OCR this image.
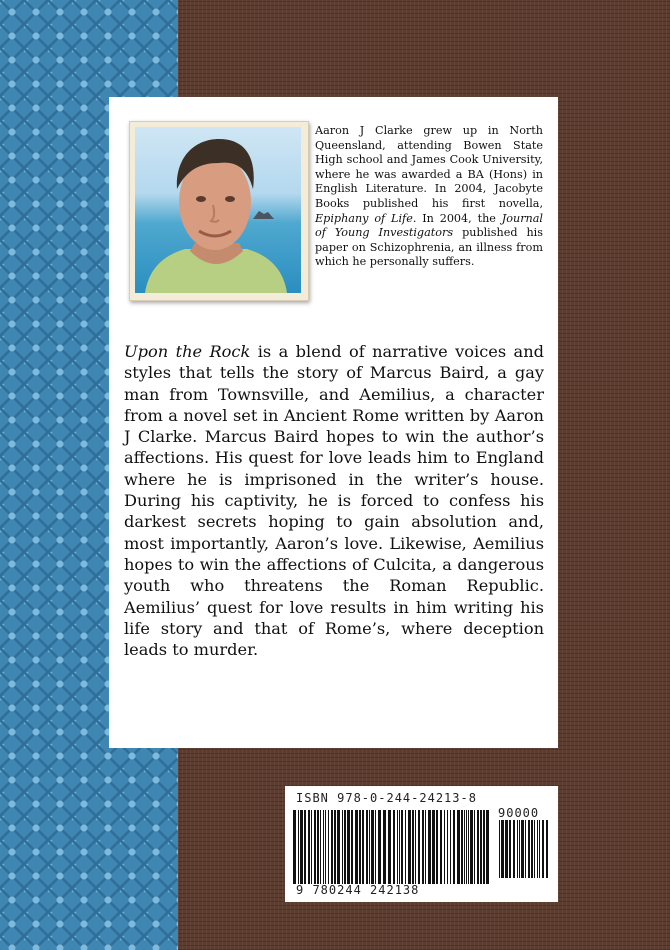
Aaron J Clarke grew up in North Queensland, attending Bowen State High school and James Cook University, where he was awarded a BA (Hons) in English Literature. In 2004, Jacobyte Books published his first novella, Epiphany of Life. In 2004, the Journal of Young Investigators published his paper on Schizophrenia, an illness from which he personally suffers.

Upon the Rock is a blend of narrative voices and styles that tells the story of Marcus Baird, a gay man from Townsville, and Aemilius, a character from a novel set in Ancient Rome written by Aaron J Clarke. Marcus Baird hopes to win the author’s affections. His quest for love leads him to England where he is imprisoned in the writer’s house. During his captivity, he is forced to confess his darkest secrets hoping to gain absolution and, most importantly, Aaron’s love. Likewise, Aemilius hopes to win the affections of Culcita, a dangerous youth who threatens the Roman Republic. Aemilius’ quest for love results in him writing his life story and that of Rome’s, where deception leads to murder.

ISBN 978-0-244-24213-8
90000
9 780244 242138
